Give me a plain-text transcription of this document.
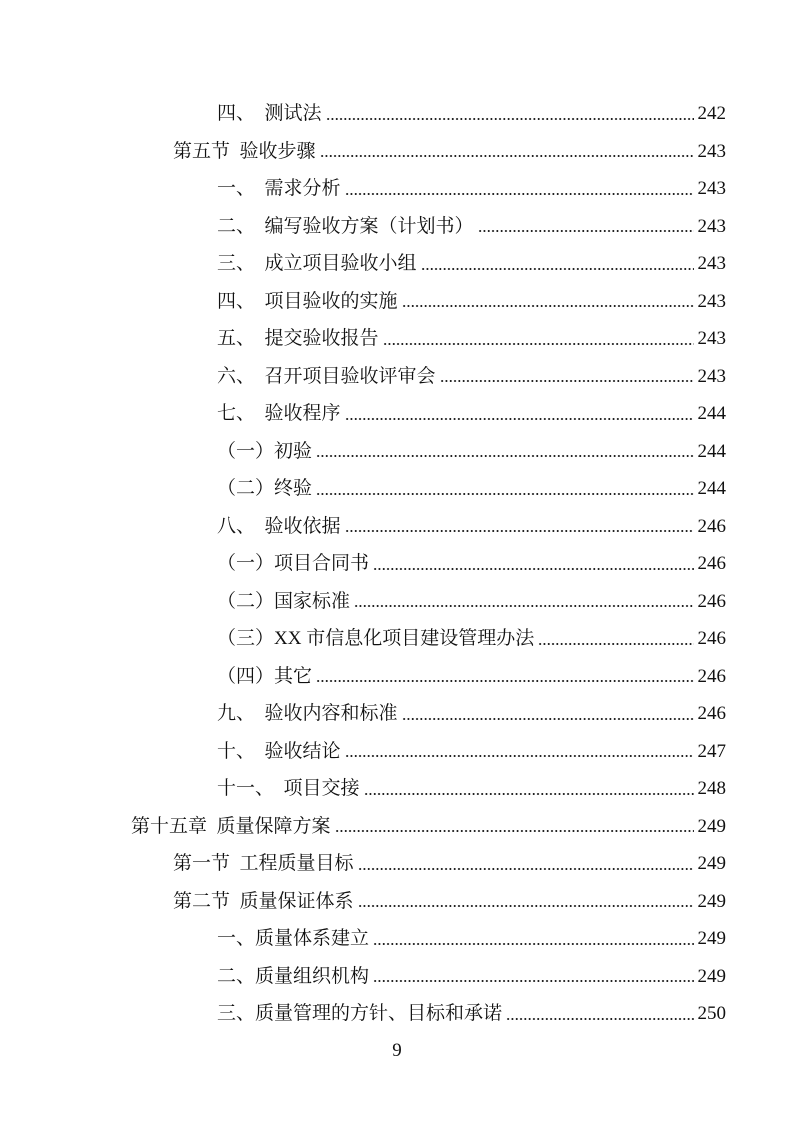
四、  测试法	242
第五节  验收步骤	243
一、  需求分析	243
二、  编写验收方案（计划书）	243
三、  成立项目验收小组	243
四、  项目验收的实施	243
五、  提交验收报告	243
六、  召开项目验收评审会	243
七、  验收程序	244
（一）初验	244
（二）终验	244
八、  验收依据	246
（一）项目合同书	246
（二）国家标准	246
（三）XX 市信息化项目建设管理办法	246
（四）其它	246
九、  验收内容和标准	246
十、  验收结论	247
十一、  项目交接	248
第十五章  质量保障方案	249
第一节  工程质量目标	249
第二节  质量保证体系	249
一、质量体系建立	249
二、质量组织机构	249
三、质量管理的方针、目标和承诺	250
9
